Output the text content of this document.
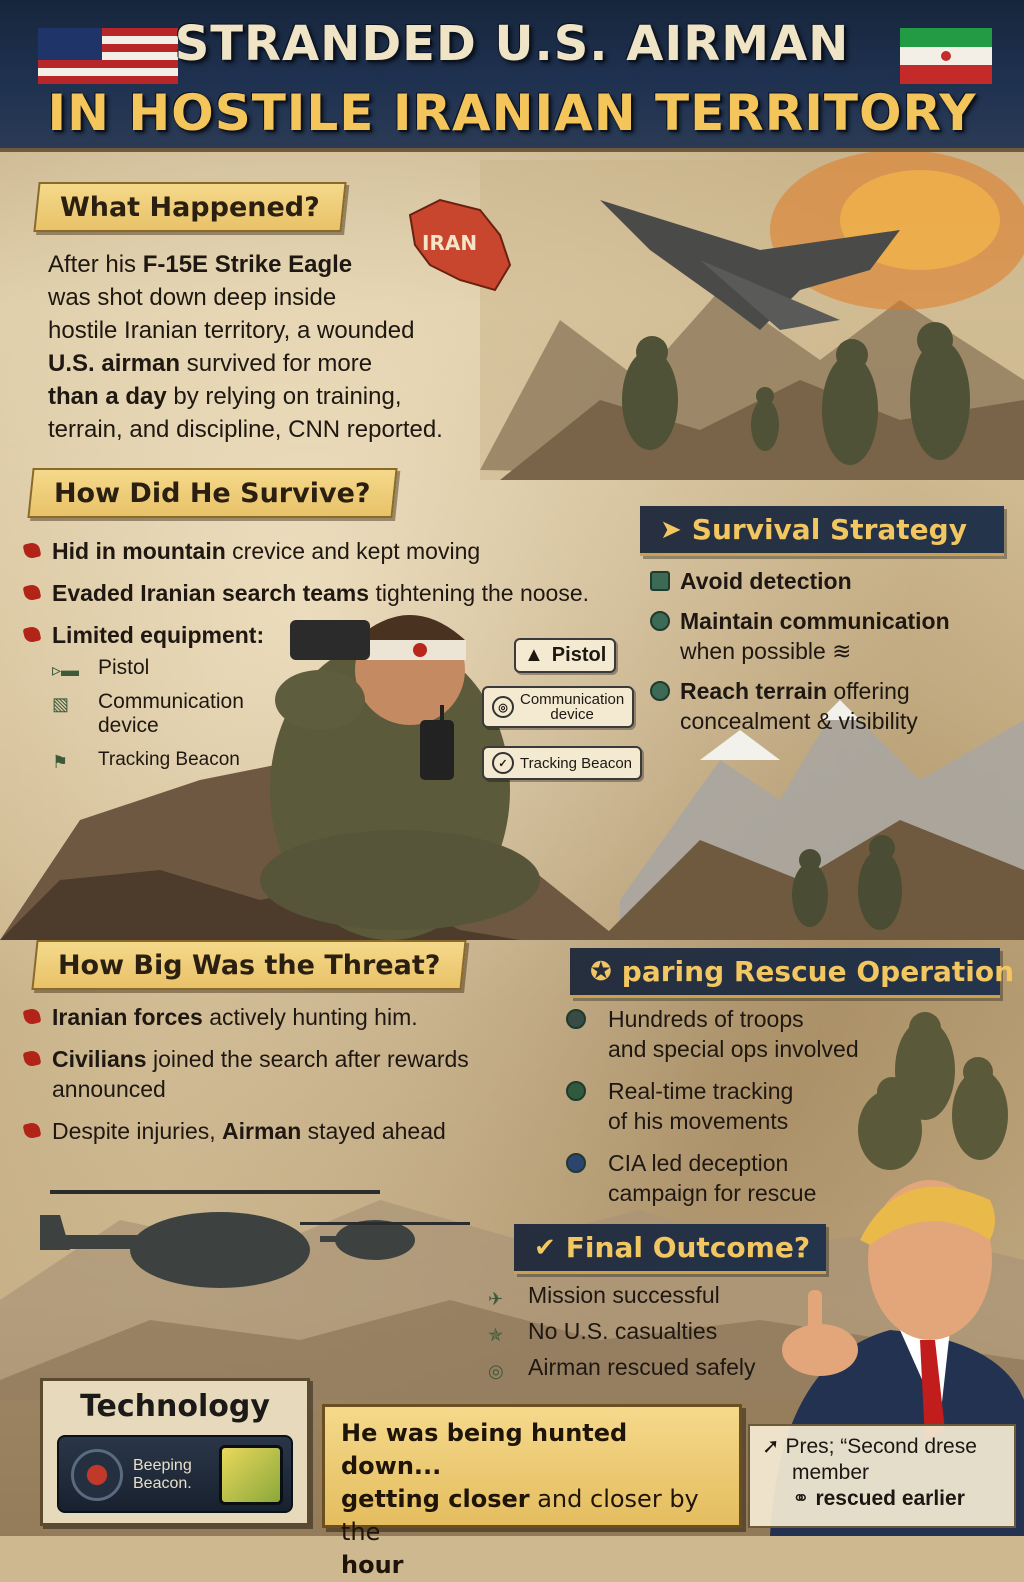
STRANDED U.S. AIRMAN
IN HOSTILE IRANIAN TERRITORY
What Happened?
IRAN
After his F-15E Strike Eagle
was shot down deep inside
hostile Iranian territory, a wounded
U.S. airman survived for more
than a day by relying on training,
terrain, and discipline, CNN reported.
How Did He Survive?
Hid in mountain crevice and kept moving
Evaded Iranian search teams tightening the noose.
Limited equipment:
▹▬ Pistol
▧ Communication device
⚑ Tracking Beacon
▲ Pistol
◎ Communication
device
✓ Tracking Beacon
➤ Survival Strategy
Avoid detection
Maintain communication
when possible ≋
Reach terrain offering
concealment & visibility
How Big Was the Threat?
Iranian forces actively hunting him.
Civilians joined the search after rewards announced
Despite injuries, Airman stayed ahead
✪ paring Rescue Operation
Hundreds of troops
and special ops involved
Real-time tracking
of his movements
CIA led deception
campaign for rescue
✔ Final Outcome?
✈ Mission successful
✯ No U.S. casualties
◎ Airman rescued safely
Technology
Beeping
Beacon.
He was being hunted down...
getting closer and closer by the
hour
➚ Pres; “Second drese
member
⚭ rescued earlier
